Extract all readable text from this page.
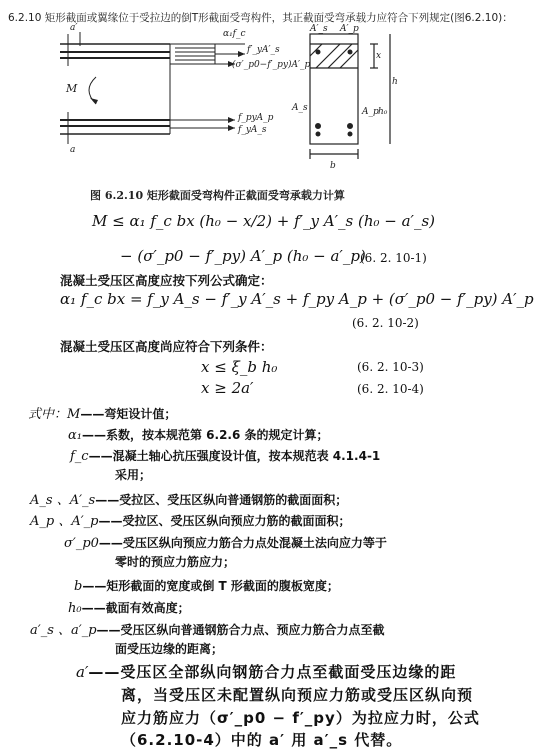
6.2.10 矩形截面或翼缘位于受拉边的倒T形截面受弯构件，其正截面受弯承载力应符合下列规定(图6.2.10)：
α₁f_c
f′_yA′_s
(σ′_p0−f′_py)A′_p
M
f_pyA_p
f_yA_s
A′_s A′_p
A_s	A_p
b
x
h
h₀
a′
a
图 6.2.10 矩形截面受弯构件正截面受弯承载力计算
M ≤ α₁ f_c bx (h₀ − x/2) + f′_y A′_s (h₀ − a′_s)
− (σ′_p0 − f′_py) A′_p (h₀ − a′_p)
(6. 2. 10-1)
混凝土受压区高度应按下列公式确定：
α₁ f_c bx = f_y A_s − f′_y A′_s + f_py A_p + (σ′_p0 − f′_py) A′_p
(6. 2. 10-2)
混凝土受压区高度尚应符合下列条件：
x ≤ ξ_b h₀	(6. 2. 10-3)
x ≥ 2a′	(6. 2. 10-4)
式中：M——弯矩设计值；
α₁——系数，按本规范第 6.2.6 条的规定计算；
f_c——混凝土轴心抗压强度设计值，按本规范表 4.1.4-1
采用；
A_s 、A′_s——受拉区、受压区纵向普通钢筋的截面面积；
A_p 、A′_p——受拉区、受压区纵向预应力筋的截面面积；
σ′_p0——受压区纵向预应力筋合力点处混凝土法向应力等于
零时的预应力筋应力；
b——矩形截面的宽度或倒 T 形截面的腹板宽度；
h₀——截面有效高度；
a′_s 、a′_p——受压区纵向普通钢筋合力点、预应力筋合力点至截
面受压边缘的距离；
a′——受压区全部纵向钢筋合力点至截面受压边缘的距
离，当受压区未配置纵向预应力筋或受压区纵向预
应力筋应力（σ′_p0 − f′_py）为拉应力时，公式
（6.2.10-4）中的 a′ 用 a′_s 代替。
